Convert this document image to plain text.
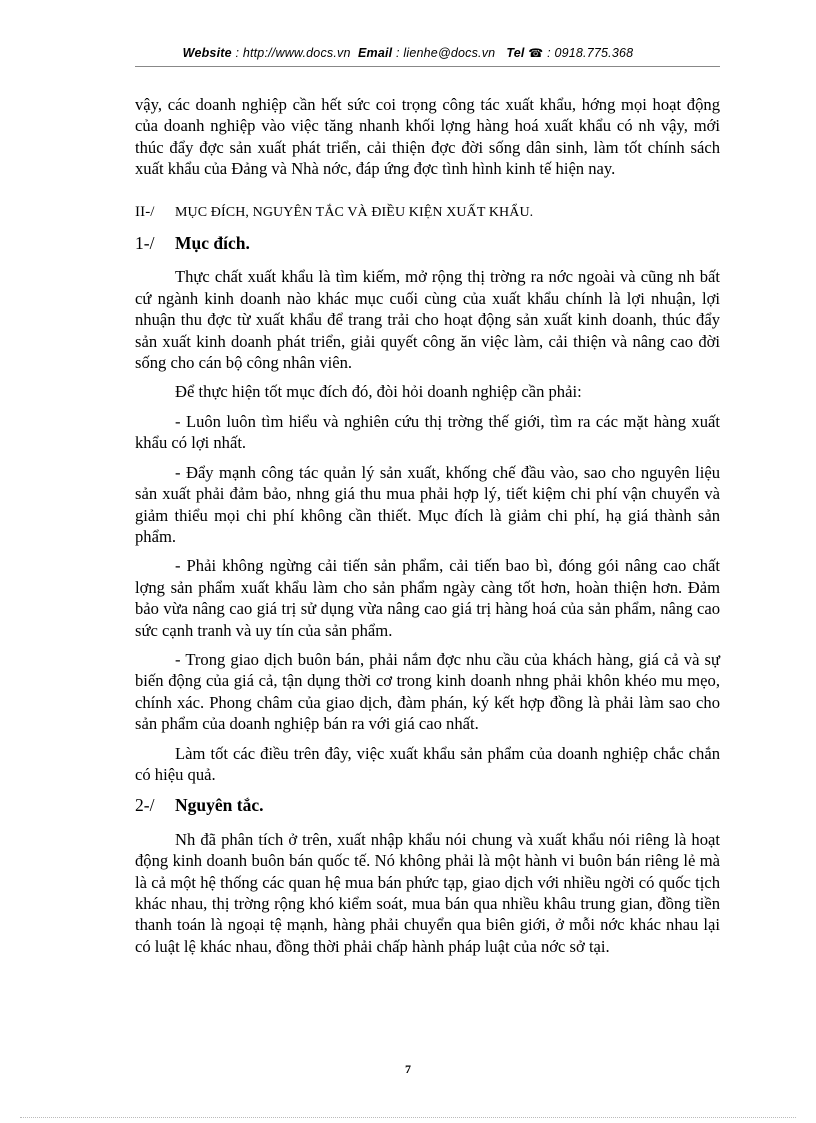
Website : http://www.docs.vn Email : lienhe@docs.vn Tel ☎ : 0918.775.368

vậy, các doanh nghiệp cần hết sức coi trọng công tác xuất khẩu, hớng mọi hoạt động của doanh nghiệp vào việc tăng nhanh khối lợng hàng hoá xuất khẩu có nh vậy, mới thúc đẩy đợc sản xuất phát triển, cải thiện đợc đời sống dân sinh, làm tốt chính sách xuất khẩu của Đảng và Nhà nớc, đáp ứng đợc tình hình kinh tế hiện nay.

II-/ MỤC ĐÍCH, NGUYÊN TẮC VÀ ĐIỀU KIỆN XUẤT KHẨU.
1-/ Mục đích.

Thực chất xuất khẩu là tìm kiếm, mở rộng thị trờng ra nớc ngoài và cũng nh bất cứ ngành kinh doanh nào khác mục cuối cùng của xuất khẩu chính là lợi nhuận, lợi nhuận thu đợc từ xuất khẩu để trang trải cho hoạt động sản xuất kinh doanh, thúc đẩy sản xuất kinh doanh phát triển, giải quyết công ăn việc làm, cải thiện và nâng cao đời sống cho cán bộ công nhân viên.

Để thực hiện tốt mục đích đó, đòi hỏi doanh nghiệp cần phải:

- Luôn luôn tìm hiểu và nghiên cứu thị trờng thế giới, tìm ra các mặt hàng xuất khẩu có lợi nhất.

- Đẩy mạnh công tác quản lý sản xuất, khống chế đầu vào, sao cho nguyên liệu sản xuất phải đảm bảo, nhng giá thu mua phải hợp lý, tiết kiệm chi phí vận chuyển và giảm thiểu mọi chi phí không cần thiết. Mục đích là giảm chi phí, hạ giá thành sản phẩm.

- Phải không ngừng cải tiến sản phẩm, cải tiến bao bì, đóng gói nâng cao chất lợng sản phẩm xuất khẩu làm cho sản phẩm ngày càng tốt hơn, hoàn thiện hơn. Đảm bảo vừa nâng cao giá trị sử dụng vừa nâng cao giá trị hàng hoá của sản phẩm, nâng cao sức cạnh tranh và uy tín của sản phẩm.

- Trong giao dịch buôn bán, phải nắm đợc nhu cầu của khách hàng, giá cả và sự biến động của giá cả, tận dụng thời cơ trong kinh doanh nhng phải khôn khéo mu mẹo, chính xác. Phong châm của giao dịch, đàm phán, ký kết hợp đồng là phải làm sao cho sản phẩm của doanh nghiệp bán ra với giá cao nhất.

Làm tốt các điều trên đây, việc xuất khẩu sản phẩm của doanh nghiệp chắc chắn có hiệu quả.

2-/ Nguyên tắc.

Nh đã phân tích ở trên, xuất nhập khẩu nói chung và xuất khẩu nói riêng là hoạt động kinh doanh buôn bán quốc tế. Nó không phải là một hành vi buôn bán riêng lẻ mà là cả một hệ thống các quan hệ mua bán phức tạp, giao dịch với nhiều ngời có quốc tịch khác nhau, thị trờng rộng khó kiểm soát, mua bán qua nhiều khâu trung gian, đồng tiền thanh toán là ngoại tệ mạnh, hàng phải chuyển qua biên giới, ở mỗi nớc khác nhau lại có luật lệ khác nhau, đồng thời phải chấp hành pháp luật của nớc sở tại.

7
